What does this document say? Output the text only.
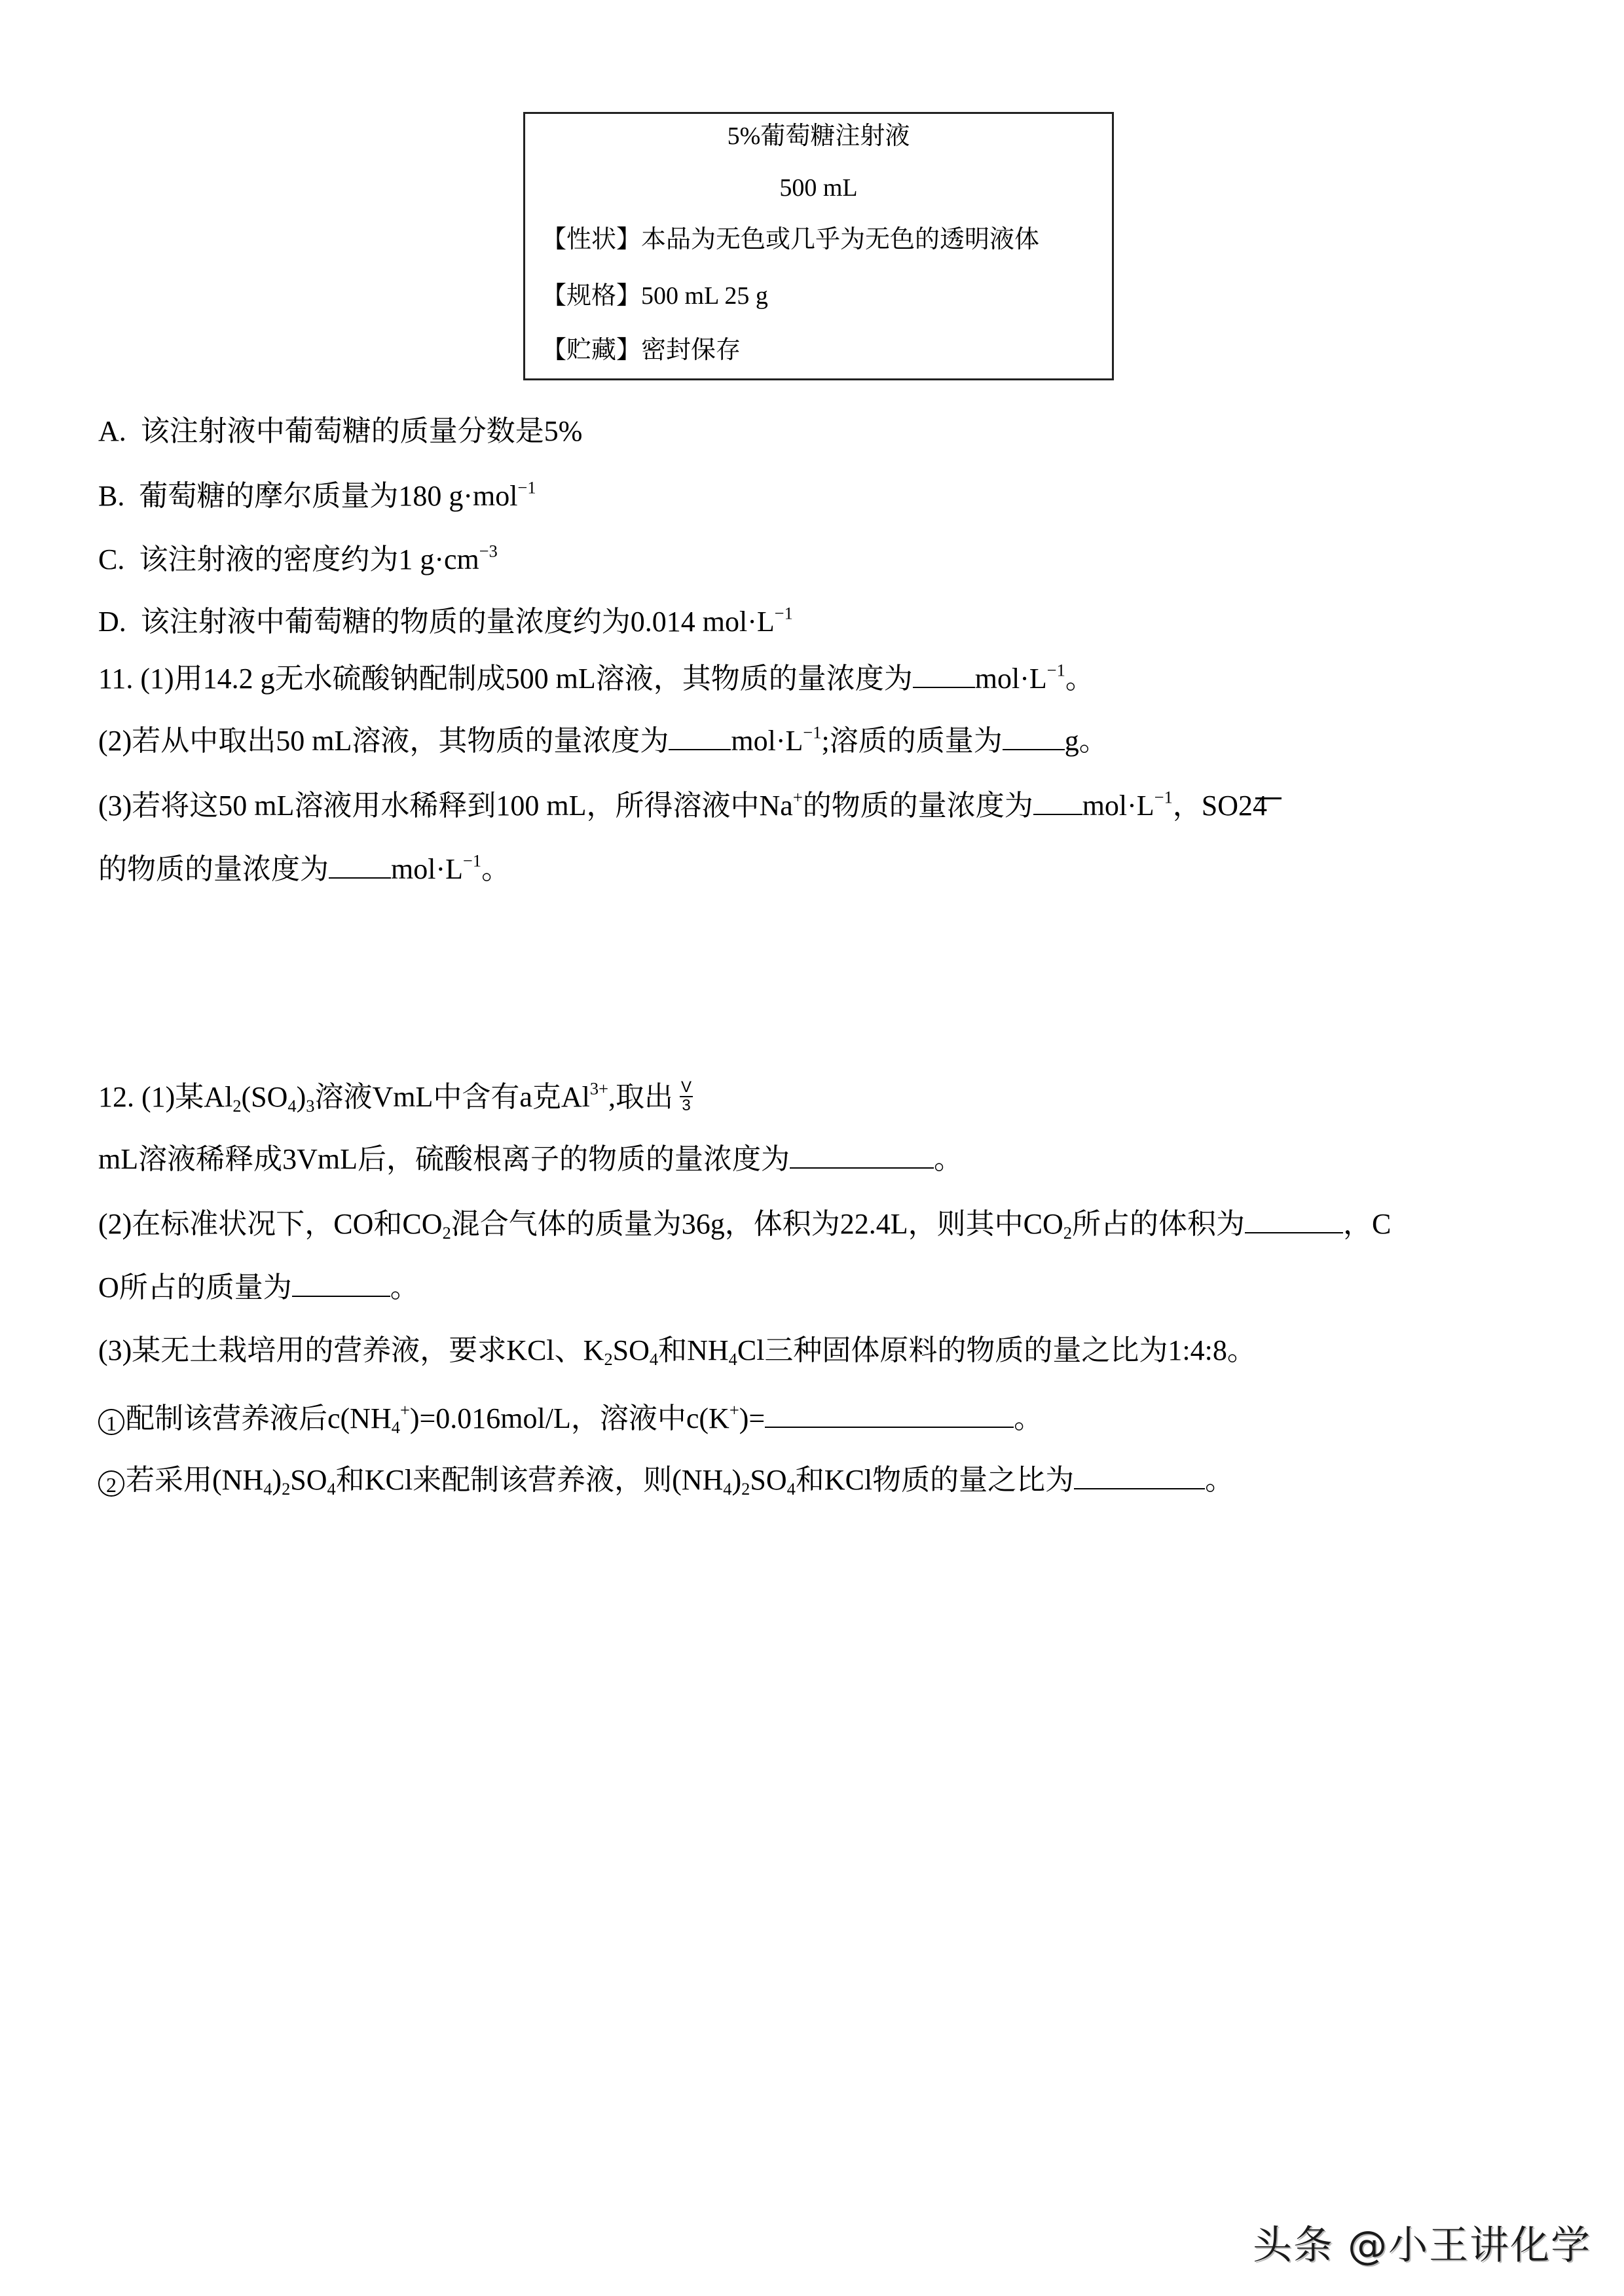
5%葡萄糖注射液
500 mL
【性状】本品为无色或几乎为无色的透明液体
【规格】500 mL 25 g
【贮藏】密封保存
A. 该注射液中葡萄糖的质量分数是5%
B. 葡萄糖的摩尔质量为180 g·mol$^{-1}$
C. 该注射液的密度约为1 $g\cdot cm^{-3}$
D. 该注射液中葡萄糖的物质的量浓度约为0.014 $mol\cdot L^{-1}$
11. (1)用14.2 g无水硫酸钠配制成500 mL溶液，其物质的量浓度为 $mol\cdot L^{-1}$。
(2)若从中取出50 mL溶液，其物质的量浓度为 $mol\cdot L^{-1}$;溶质的质量为 g。
(3)若将这50 mL溶液用水稀释到100 mL，所得溶液中Na+的物质的量浓度为 $mol\cdot L^{-1}$，SO24
的物质的量浓度为 $mol\cdot L^{-1}$。
12. (1)某$Al_2(SO_4)_3$溶液VmL中含有a克$Al^{3+}$,取出 $\frac{V}{3}$
mL溶液稀释成3VmL后，硫酸根离子的物质的量浓度为	。
(2)在标准状况下，CO和$CO_2$混合气体的质量为36g，体积为22.4L，则其中$CO_2$所占的体积为	，C
O所占的质量为	。
(3)某无土栽培用的营养液，要求KCl、$K_2SO_4$和$NH_4Cl$三种固体原料的物质的量之比为1:4:8。
1 配制该营养液后$c(NH_4^+)=0.016mol/L$，溶液中c(K+)=	。
2 若采用$(NH_4)_2SO_4$和KCl来配制该营养液，则$(NH_4)_2SO_4$和KCl物质的量之比为	。
头条 @小王讲化学
